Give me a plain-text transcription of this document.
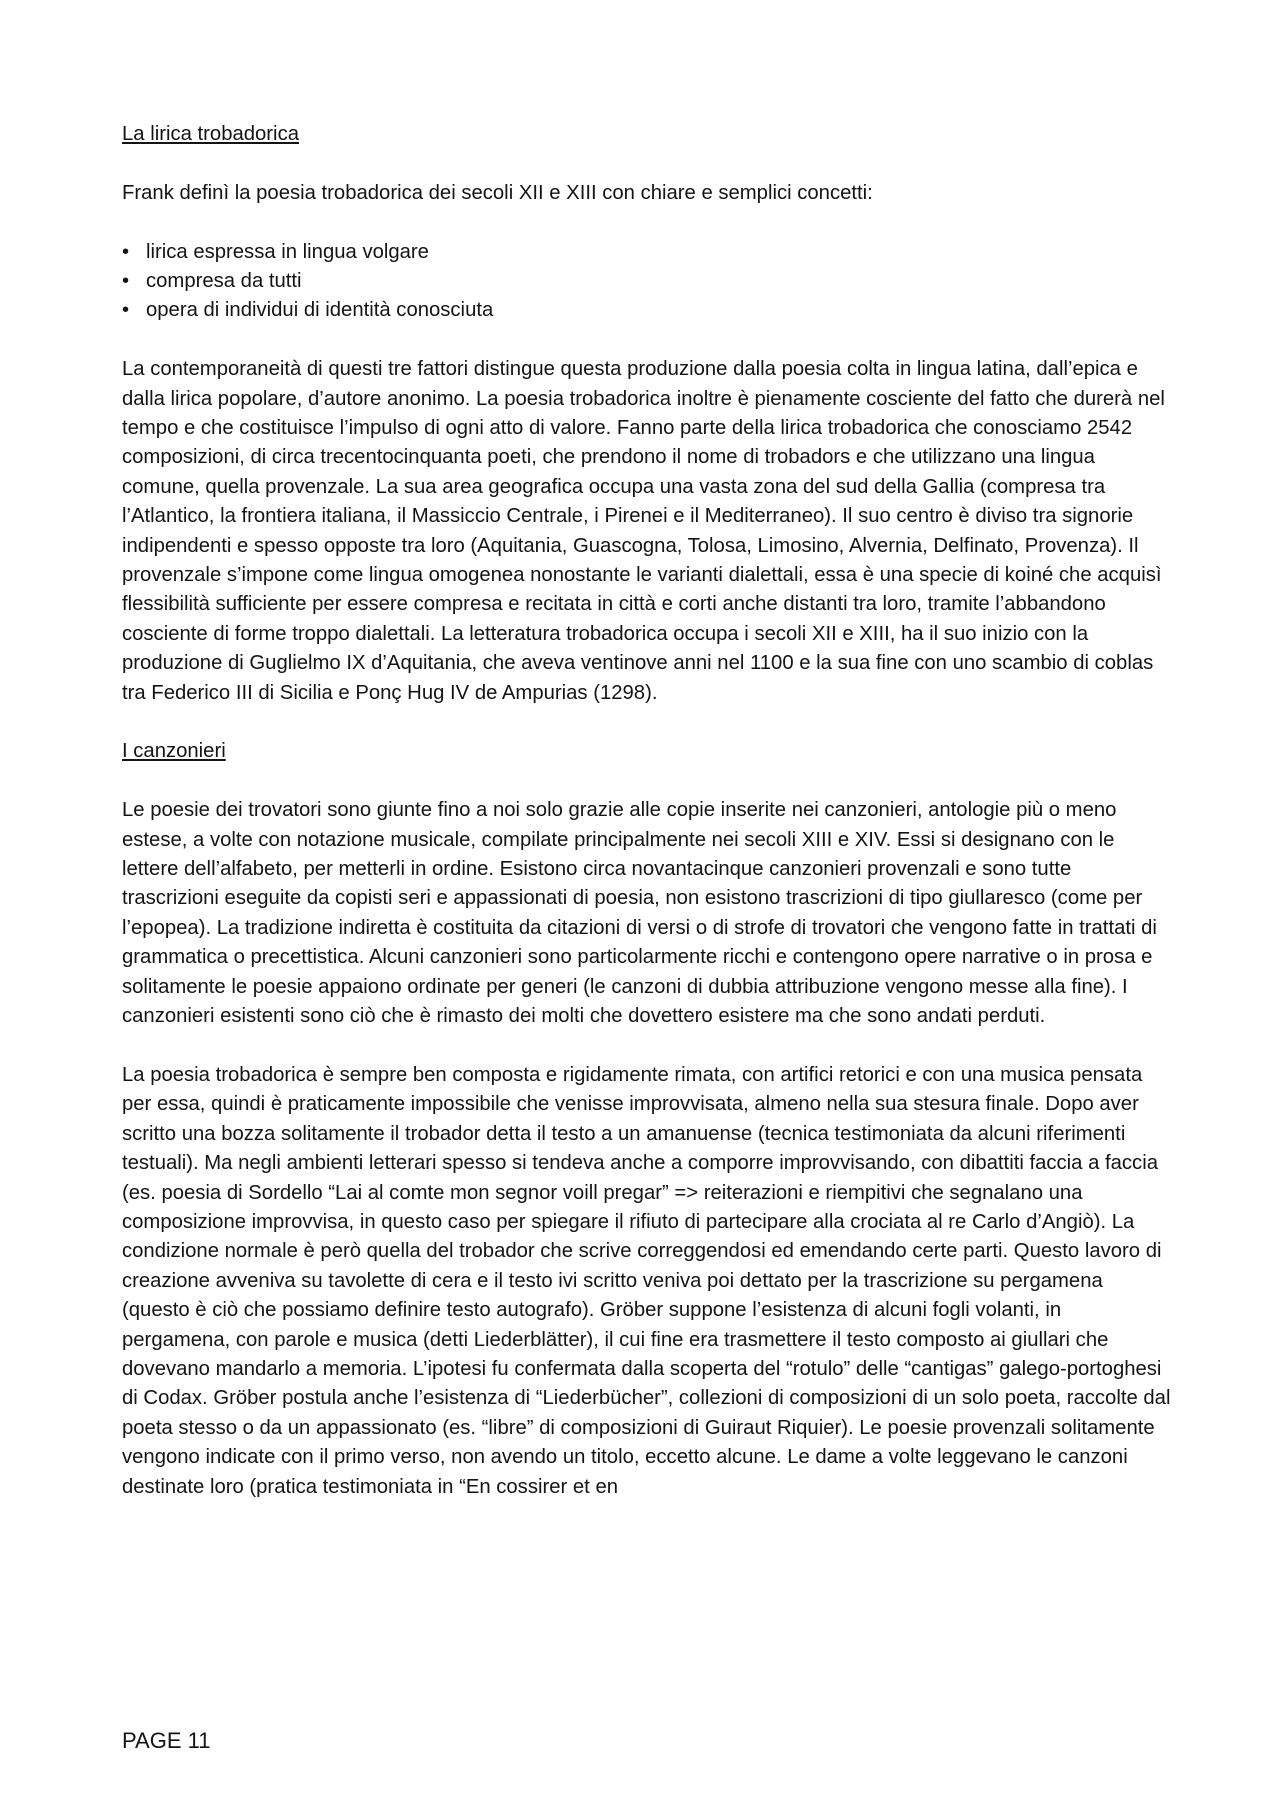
La lirica trobadorica

Frank definì la poesia trobadorica dei secoli XII e XIII con chiare e semplici concetti:

• lirica espressa in lingua volgare
• compresa da tutti
• opera di individui di identità conosciuta

La contemporaneità di questi tre fattori distingue questa produzione dalla poesia colta in lingua latina, dall’epica e dalla lirica popolare, d’autore anonimo. La poesia trobadorica inoltre è pienamente cosciente del fatto che durerà nel tempo e che costituisce l’impulso di ogni atto di valore. Fanno parte della lirica trobadorica che conosciamo 2542 composizioni, di circa trecentocinquanta poeti, che prendono il nome di trobadors e che utilizzano una lingua comune, quella provenzale. La sua area geografica occupa una vasta zona del sud della Gallia (compresa tra l’Atlantico, la frontiera italiana, il Massiccio Centrale, i Pirenei e il Mediterraneo). Il suo centro è diviso tra signorie indipendenti e spesso opposte tra loro (Aquitania, Guascogna, Tolosa, Limosino, Alvernia, Delfinato, Provenza). Il provenzale s’impone come lingua omogenea nonostante le varianti dialettali, essa è una specie di koiné che acquisì flessibilità sufficiente per essere compresa e recitata in città e corti anche distanti tra loro, tramite l’abbandono cosciente di forme troppo dialettali. La letteratura trobadorica occupa i secoli XII e XIII, ha il suo inizio con la produzione di Guglielmo IX d’Aquitania, che aveva ventinove anni nel 1100 e la sua fine con uno scambio di coblas tra Federico III di Sicilia e Ponç Hug IV de Ampurias (1298).

I canzonieri

Le poesie dei trovatori sono giunte fino a noi solo grazie alle copie inserite nei canzonieri, antologie più o meno estese, a volte con notazione musicale, compilate principalmente nei secoli XIII e XIV. Essi si designano con le lettere dell’alfabeto, per metterli in ordine. Esistono circa novantacinque canzonieri provenzali e sono tutte trascrizioni eseguite da copisti seri e appassionati di poesia, non esistono trascrizioni di tipo giullaresco (come per l’epopea). La tradizione indiretta è costituita da citazioni di versi o di strofe di trovatori che vengono fatte in trattati di grammatica o precettistica. Alcuni canzonieri sono particolarmente ricchi e contengono opere narrative o in prosa e solitamente le poesie appaiono ordinate per generi (le canzoni di dubbia attribuzione vengono messe alla fine). I canzonieri esistenti sono ciò che è rimasto dei molti che dovettero esistere ma che sono andati perduti.

La poesia trobadorica è sempre ben composta e rigidamente rimata, con artifici retorici e con una musica pensata per essa, quindi è praticamente impossibile che venisse improvvisata, almeno nella sua stesura finale. Dopo aver scritto una bozza solitamente il trobador detta il testo a un amanuense (tecnica testimoniata da alcuni riferimenti testuali). Ma negli ambienti letterari spesso si tendeva anche a comporre improvvisando, con dibattiti faccia a faccia (es. poesia di Sordello “Lai al comte mon segnor voill pregar” => reiterazioni e riempitivi che segnalano una composizione improvvisa, in questo caso per spiegare il rifiuto di partecipare alla crociata al re Carlo d’Angiò). La condizione normale è però quella del trobador che scrive correggendosi ed emendando certe parti. Questo lavoro di creazione avveniva su tavolette di cera e il testo ivi scritto veniva poi dettato per la trascrizione su pergamena (questo è ciò che possiamo definire testo autografo). Gröber suppone l’esistenza di alcuni fogli volanti, in pergamena, con parole e musica (detti Liederblätter), il cui fine era trasmettere il testo composto ai giullari che dovevano mandarlo a memoria. L’ipotesi fu confermata dalla scoperta del “rotulo” delle “cantigas” galego-portoghesi di Codax. Gröber postula anche l’esistenza di “Liederbücher”, collezioni di composizioni di un solo poeta, raccolte dal poeta stesso o da un appassionato (es. “libre” di composizioni di Guiraut Riquier). Le poesie provenzali solitamente vengono indicate con il primo verso, non avendo un titolo, eccetto alcune. Le dame a volte leggevano le canzoni destinate loro (pratica testimoniata in “En cossirer et en

PAGE 11
